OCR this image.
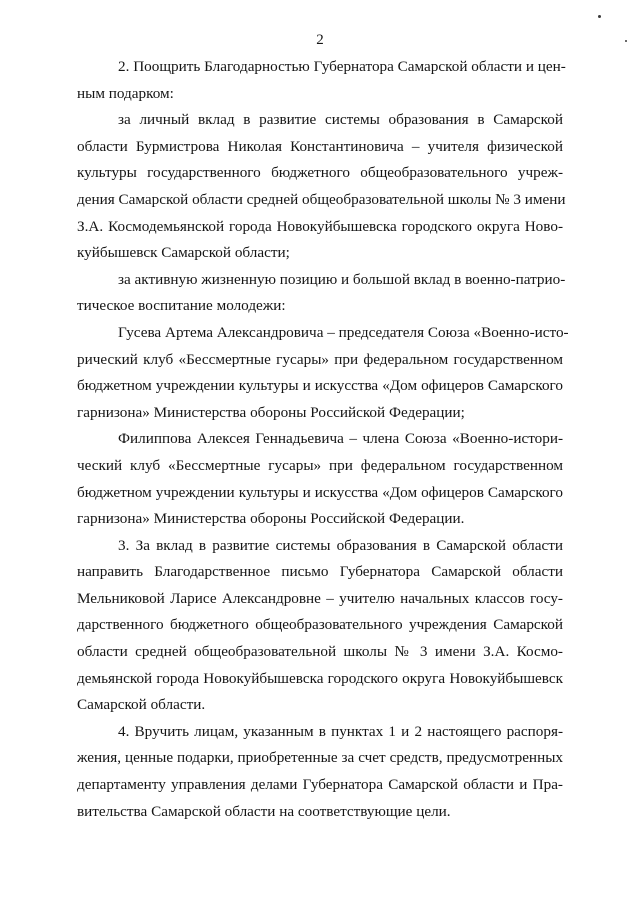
2
2. Поощрить Благодарностью Губернатора Самарской области и цен-
ным подарком:
за личный вклад в развитие системы образования в Самарской
области Бурмистрова Николая Константиновича – учителя физической
культуры государственного бюджетного общеобразовательного учреж-
дения Самарской области средней общеобразовательной школы № 3 имени
З.А. Космодемьянской города Новокуйбышевска городского округа Ново-
куйбышевск Самарской области;
за активную жизненную позицию и большой вклад в военно-патрио-
тическое воспитание молодежи:
Гусева Артема Александровича – председателя Союза «Военно-исто-
рический клуб «Бессмертные гусары» при федеральном государственном
бюджетном учреждении культуры и искусства «Дом офицеров Самарского
гарнизона» Министерства обороны Российской Федерации;
Филиппова Алексея Геннадьевича – члена Союза «Военно-истори-
ческий клуб «Бессмертные гусары» при федеральном государственном
бюджетном учреждении культуры и искусства «Дом офицеров Самарского
гарнизона» Министерства обороны Российской Федерации.
3. За вклад в развитие системы образования в Самарской области
направить Благодарственное письмо Губернатора Самарской области
Мельниковой Ларисе Александровне – учителю начальных классов госу-
дарственного бюджетного общеобразовательного учреждения Самарской
области средней общеобразовательной школы № 3 имени З.А. Космо-
демьянской города Новокуйбышевска городского округа Новокуйбышевск
Самарской области.
4. Вручить лицам, указанным в пунктах 1 и 2 настоящего распоря-
жения, ценные подарки, приобретенные за счет средств, предусмотренных
департаменту управления делами Губернатора Самарской области и Пра-
вительства Самарской области на соответствующие цели.
